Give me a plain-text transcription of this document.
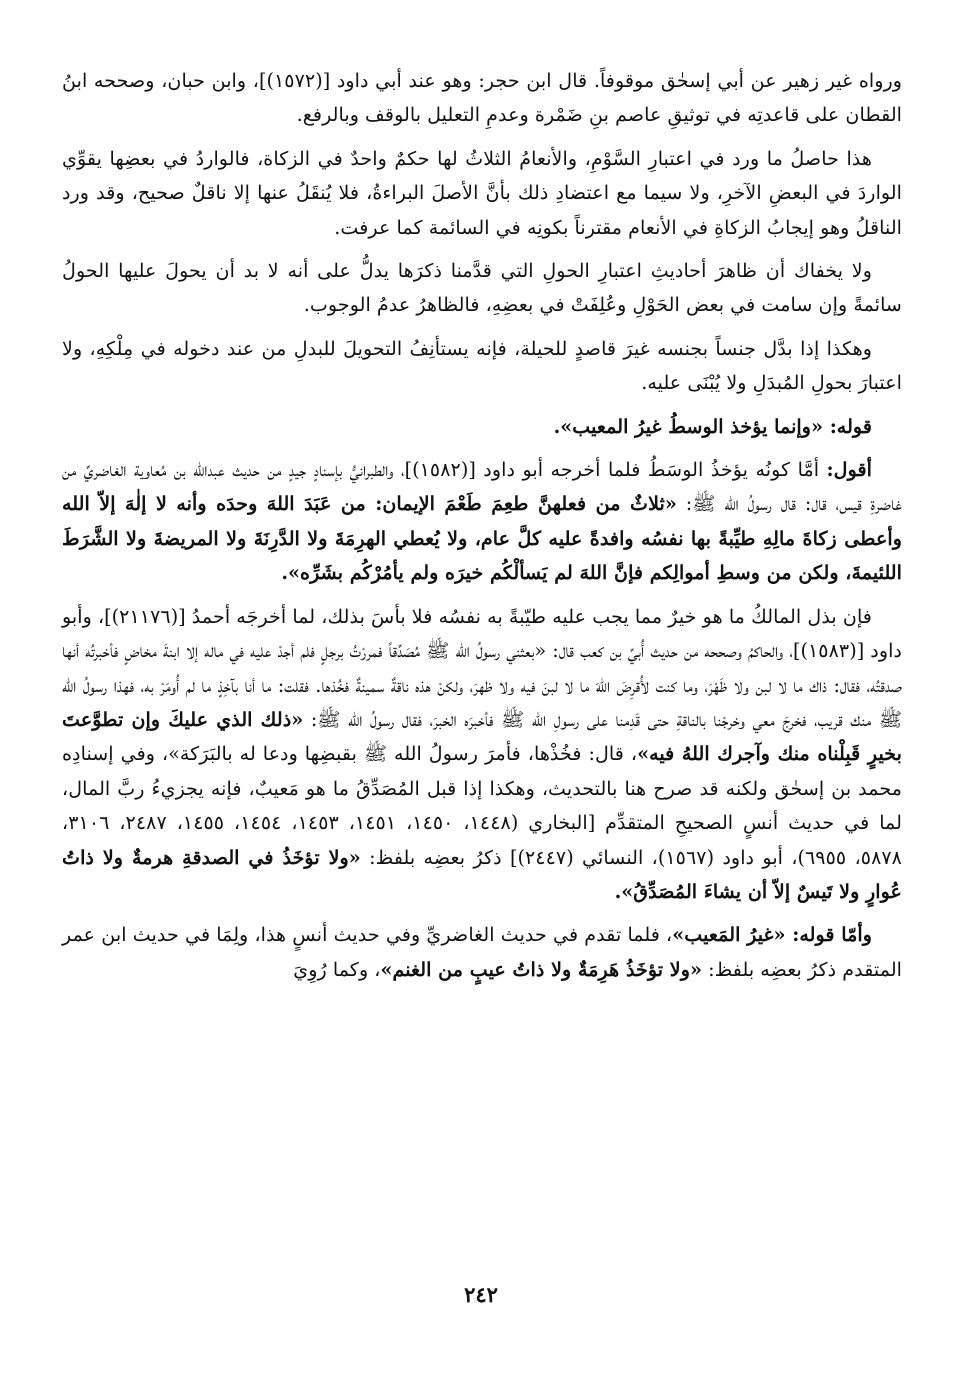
ورواه غير زهير عن أبي إسحٰق موقوفاً. قال ابن حجر: وهو عند أبي داود [(١٥٧٢)]، وابن حبان، وصححه ابنُ القطان على قاعدتِه في توثيقِ عاصم بنِ ضَمْرة وعدمِ التعليل بالوقف وبالرفع.

هذا حاصلُ ما ورد في اعتبارِ السَّوْمِ، والأنعامُ الثلاثُ لها حكمٌ واحدٌ في الزكاة، فالواردُ في بعضِها يقوِّي الواردَ في البعضِ الآخرِ، ولا سيما مع اعتضادِ ذلك بأنَّ الأصلَ البراءةُ، فلا يُنقَلُ عنها إلا ناقلٌ صحيح، وقد ورد الناقلُ وهو إيجابُ الزكاةِ في الأنعام مقترناً بكونِه في السائمة كما عرفت.

ولا يخفاك أن ظاهرَ أحاديثِ اعتبارِ الحولِ التي قدَّمنا ذكرَها يدلُّ على أنه لا بد أن يحولَ عليها الحولُ سائمةً وإن سامت في بعض الحَوْلِ وعُلِفَتْ في بعضِهِ، فالظاهرُ عدمُ الوجوب.

وهكذا إذا بدَّل جنساً بجنسه غيرَ قاصدٍ للحيلة، فإنه يستأنِفُ التحويلَ للبدلِ من عند دخوله في مِلْكِهِ، ولا اعتبارَ بحولِ المُبدَلِ ولا يُبْنَى عليه.

قوله: «وإنما يؤخذ الوسطُ غيرُ المعيب».

أقول: أمَّا كونُه يؤخذُ الوسَطُ فلما أخرجه أبو داود [(١٥٨٢)]، والطبرانيُّ بإسنادٍ جيدٍ من حديث عبدالله بن مُعاوية الغاضريِّ من غاضرةِ قيس، قال: قال رسولُ الله ﷺ: «ثلاثٌ من فعلهنَّ طعِمَ طَعْمَ الإيمان: من عَبَدَ اللهَ وحدَه وأنه لا إلٰهَ إلاّ الله وأعطى زكاةَ مالِهِ طيِّبةً بها نفسُه وافدةً عليه كلَّ عام، ولا يُعطي الهرِمَةَ ولا الدَّرِنَةَ ولا المريضةَ ولا الشَّرَطَ اللئيمةَ، ولكن من وسطِ أموالِكم فإنَّ اللهَ لم يَسألْكُم خيرَه ولم يأمُرْكُم بشَرِّه».

فإن بذل المالكُ ما هو خيرٌ مما يجب عليه طيّبةً به نفسُه فلا بأسَ بذلك، لما أخرجَه أحمدُ [(٢١١٧٦)]، وأبو داود [(١٥٨٣)]، والحاكمُ وصححه من حديث أُبيِّ بن كعب قال: «بعثني رسولُ الله ﷺ مُصَدِّقاً فمررْتُ برجلٍ فلم أجدْ عليه في ماله إلا ابنةَ مخاضٍ فأخبرتُه أنها صدقتُه، فقال: ذاك ما لا لبن ولا ظَهْرَ، وما كنت لأُقرِضَ اللهَ ما لا لبنَ فيه ولا ظهرَ، ولكنْ هذه ناقةٌ سمينةٌ فخُذها. فقلت: ما أنا بآخِذٍ ما لم أُومَرْ به، فهذا رسولُ الله ﷺ منك قريب، فخرجَ معي وخرجْنا بالناقةِ حتى قَدِمنا على رسولِ الله ﷺ فأخبرَه الخبرَ، فقال رسولُ الله ﷺ: «ذلك الذي عليكَ وإن تطوَّعتَ بخيرٍ قَبِلْناه منك وآجرك اللهُ فيه»، قال: فخُذْها، فأمرَ رسولُ الله ﷺ بقبضِها ودعا له بالبَرَكة»، وفي إسنادِه محمد بن إسحٰق ولكنه قد صرح هنا بالتحديث، وهكذا إذا قبل المُصَدِّقُ ما هو مَعيبٌ، فإنه يجزيءُ ربَّ المال، لما في حديث أنسٍ الصحيحِ المتقدِّم [البخاري (١٤٤٨، ١٤٥٠، ١٤٥١، ١٤٥٣، ١٤٥٤، ١٤٥٥، ٢٤٨٧، ٣١٠٦، ٥٨٧٨، ٦٩٥٥)، أبو داود (١٥٦٧)، النسائي (٢٤٤٧)] ذكرُ بعضِه بلفظ: «ولا تؤخَذُ في الصدقةِ هرمةٌ ولا ذاتُ عُوارٍ ولا تَيسٌ إلاّ أن يشاءَ المُصَدِّقُ».

وأمّا قوله: «غيرُ المَعيب»، فلما تقدم في حديث الغاضريِّ وفي حديث أنسٍ هذا، ولِمَا في حديث ابن عمر المتقدم ذكرُ بعضِه بلفظ: «ولا تؤخَذُ هَرِمَةٌ ولا ذاتُ عيبٍ من الغنم»، وكما رُوِيَ

٢٤٢
